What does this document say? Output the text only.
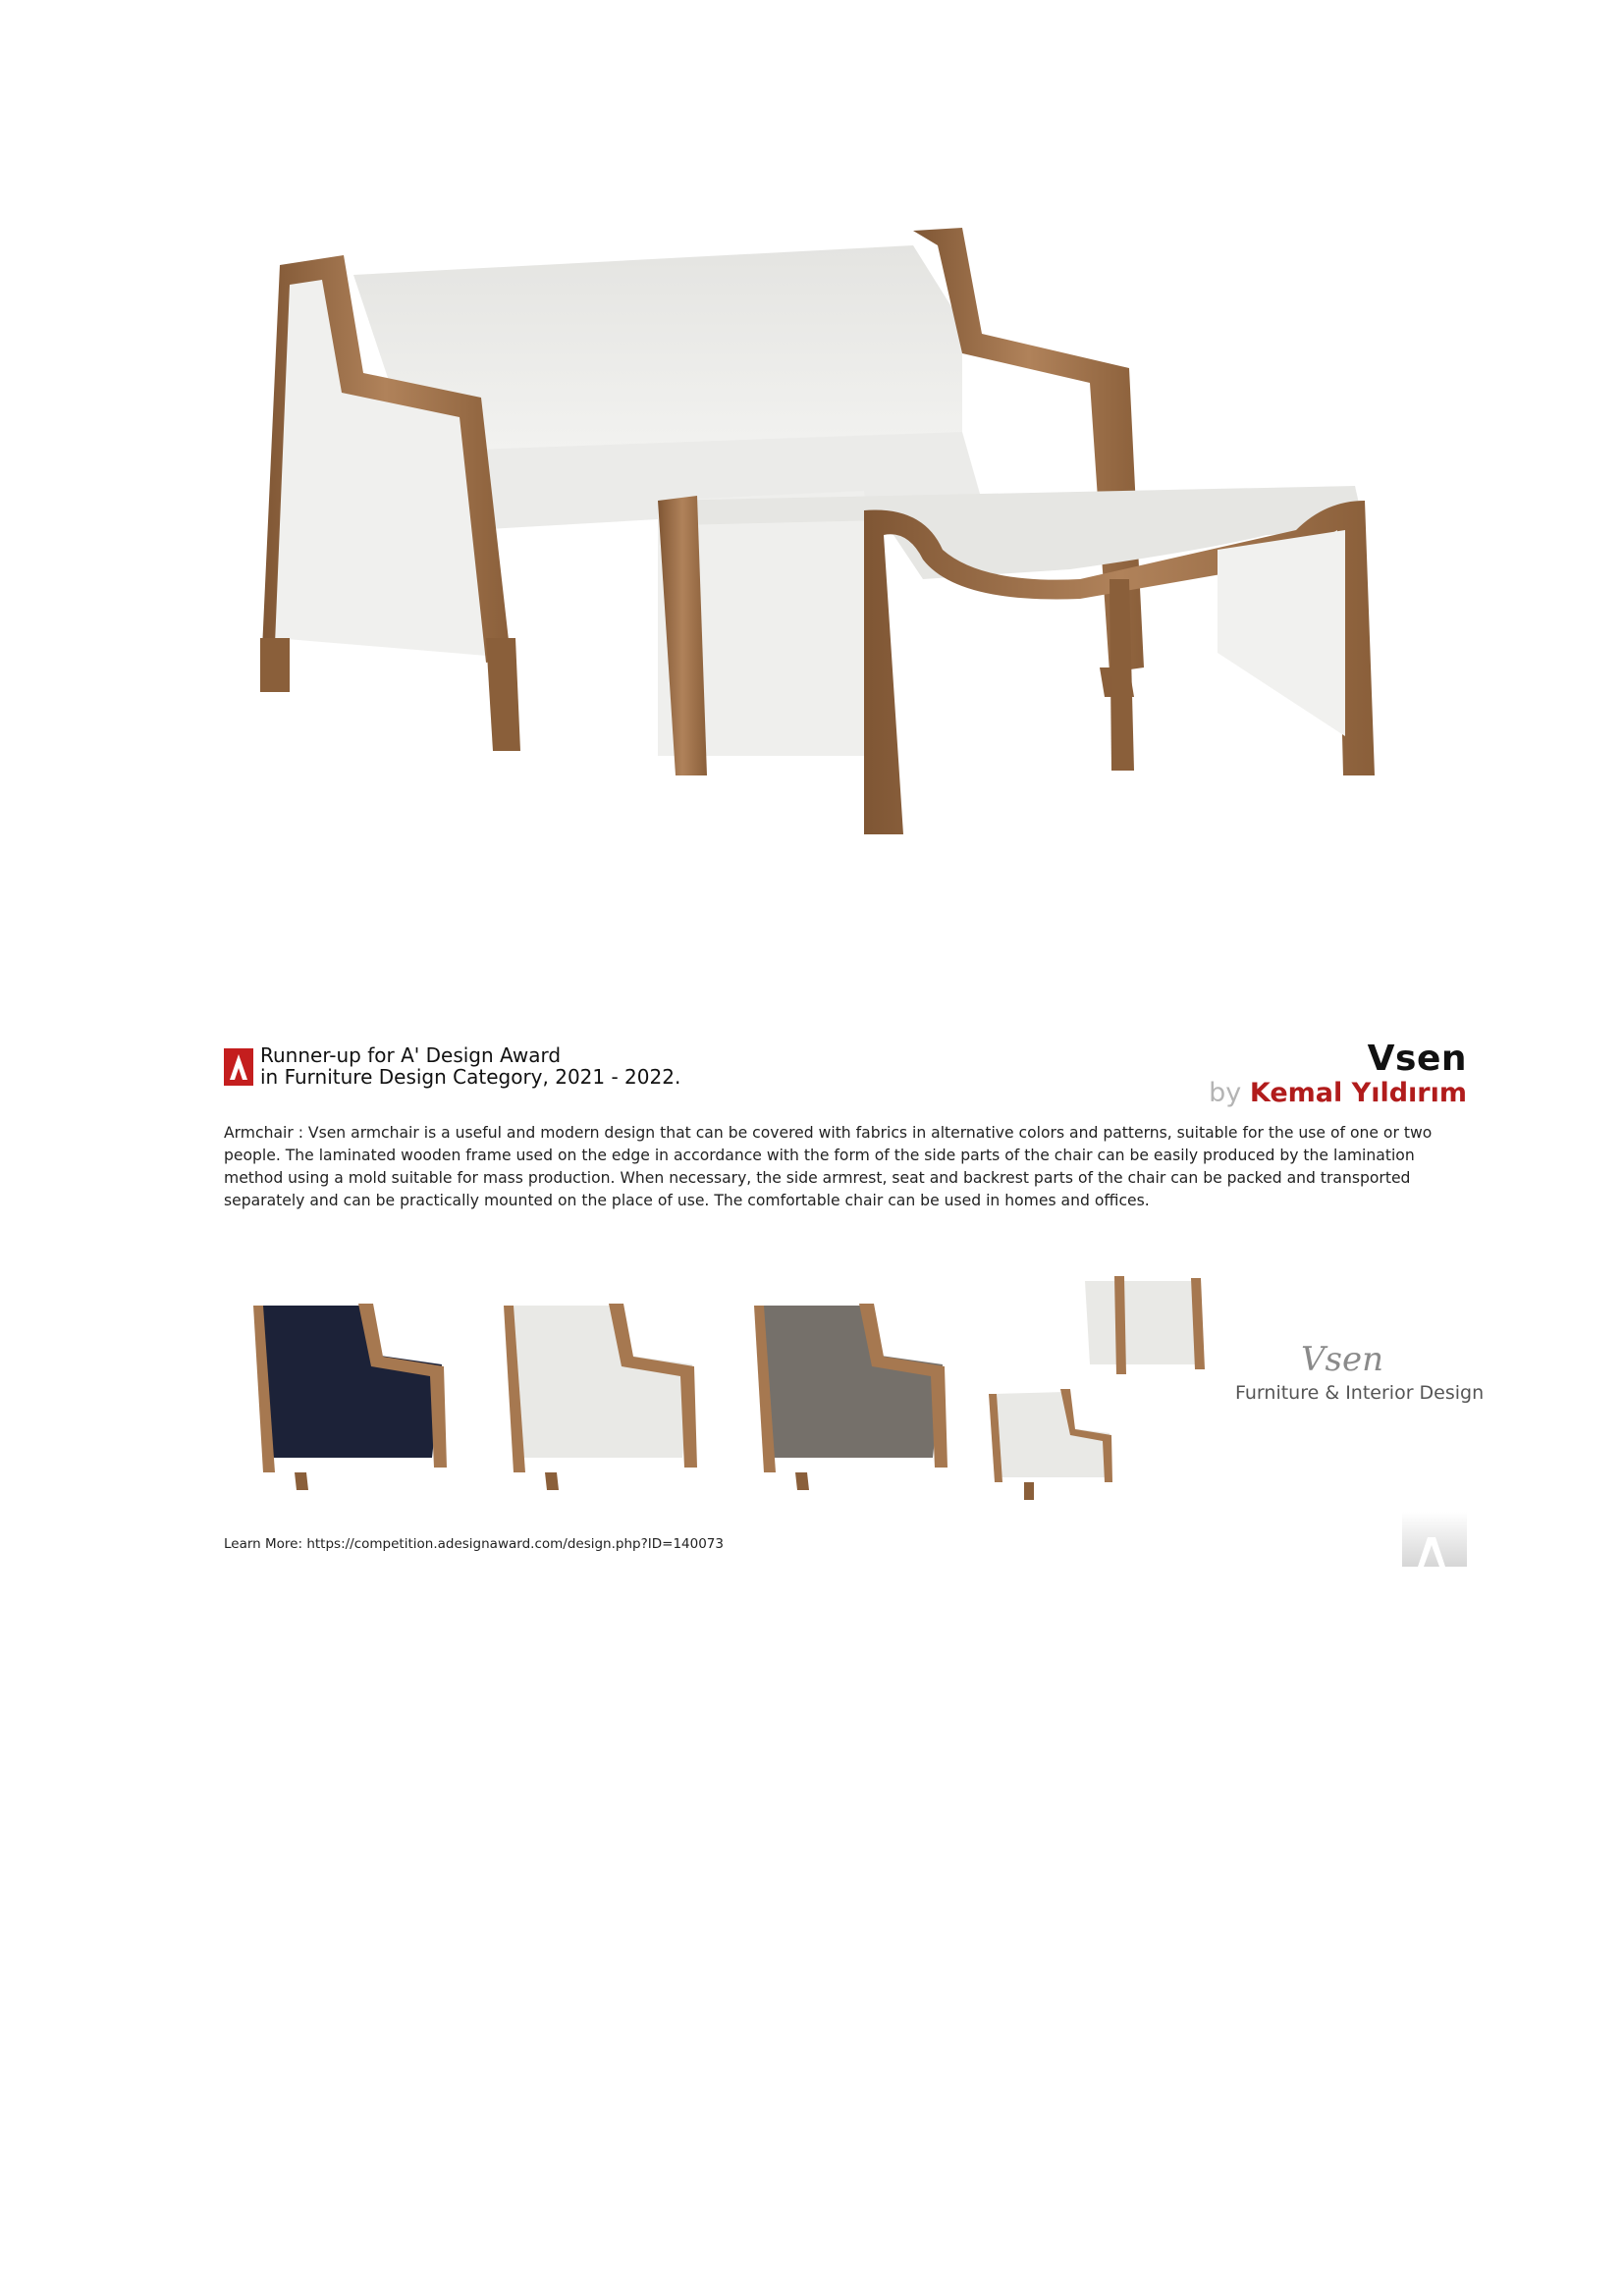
Runner-up for A' Design Award
in Furniture Design Category, 2021 - 2022.	Vsen
by Kemal Yıldırım
Armchair : Vsen armchair is a useful and modern design that can be covered with fabrics in alternative colors and patterns, suitable for the use of one or two people. The laminated wooden frame used on the edge in accordance with the form of the side parts of the chair can be easily produced by the lamination method using a mold suitable for mass production. When necessary, the side armrest, seat and backrest parts of the chair can be packed and transported separately and can be practically mounted on the place of use. The comfortable chair can be used in homes and offices.
Vsen
Furniture & Interior Design
Learn More: https://competition.adesignaward.com/design.php?ID=140073
